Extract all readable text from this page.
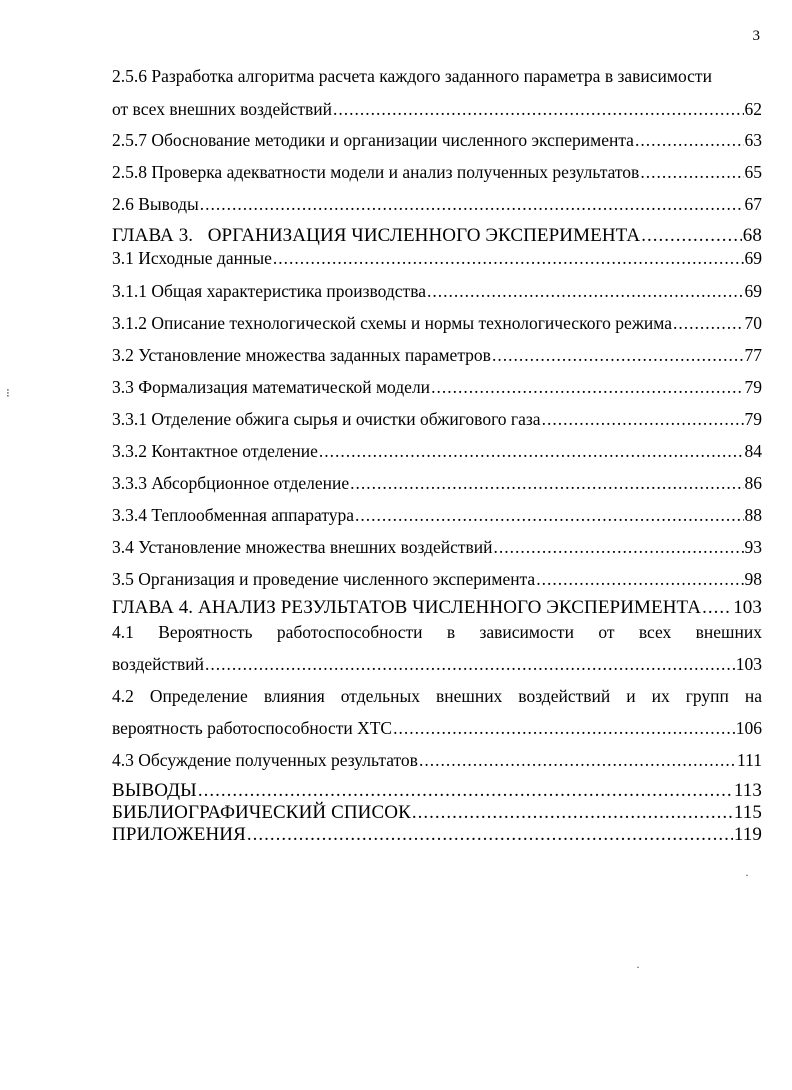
3
2.5.6 Разработка алгоритма расчета каждого заданного параметра в зависимости
от всех внешних воздействий .....	62
2.5.7 Обоснование методики и организации численного эксперимента .....	63
2.5.8 Проверка адекватности модели и анализ полученных результатов .....	65
2.6 Выводы .....	67
ГЛАВА 3.   ОРГАНИЗАЦИЯ ЧИСЛЕННОГО ЭКСПЕРИМЕНТА .....	68
3.1 Исходные данные .....	69
3.1.1 Общая характеристика производства .....	69
3.1.2 Описание технологической схемы и нормы технологического режима .....	70
3.2 Установление множества заданных параметров .....	77
3.3 Формализация математической модели .....	79
3.3.1 Отделение обжига сырья и очистки обжигового газа .....	79
3.3.2 Контактное отделение .....	84
3.3.3 Абсорбционное отделение .....	86
3.3.4 Теплообменная аппаратура .....	88
3.4 Установление множества внешних воздействий .....	93
3.5 Организация и проведение численного эксперимента .....	98
ГЛАВА 4. АНАЛИЗ РЕЗУЛЬТАТОВ ЧИСЛЕННОГО ЭКСПЕРИМЕНТА ..... 103
4.1 Вероятность работоспособности в зависимости от всех внешних
воздействий .....	103
4.2 Определение влияния отдельных внешних воздействий и их групп на
вероятность работоспособности ХТС .....	106
4.3 Обсуждение полученных результатов .....	111
ВЫВОДЫ .....	113
БИБЛИОГРАФИЧЕСКИЙ СПИСОК .....	115
ПРИЛОЖЕНИЯ .....	119
⁝
·
·
